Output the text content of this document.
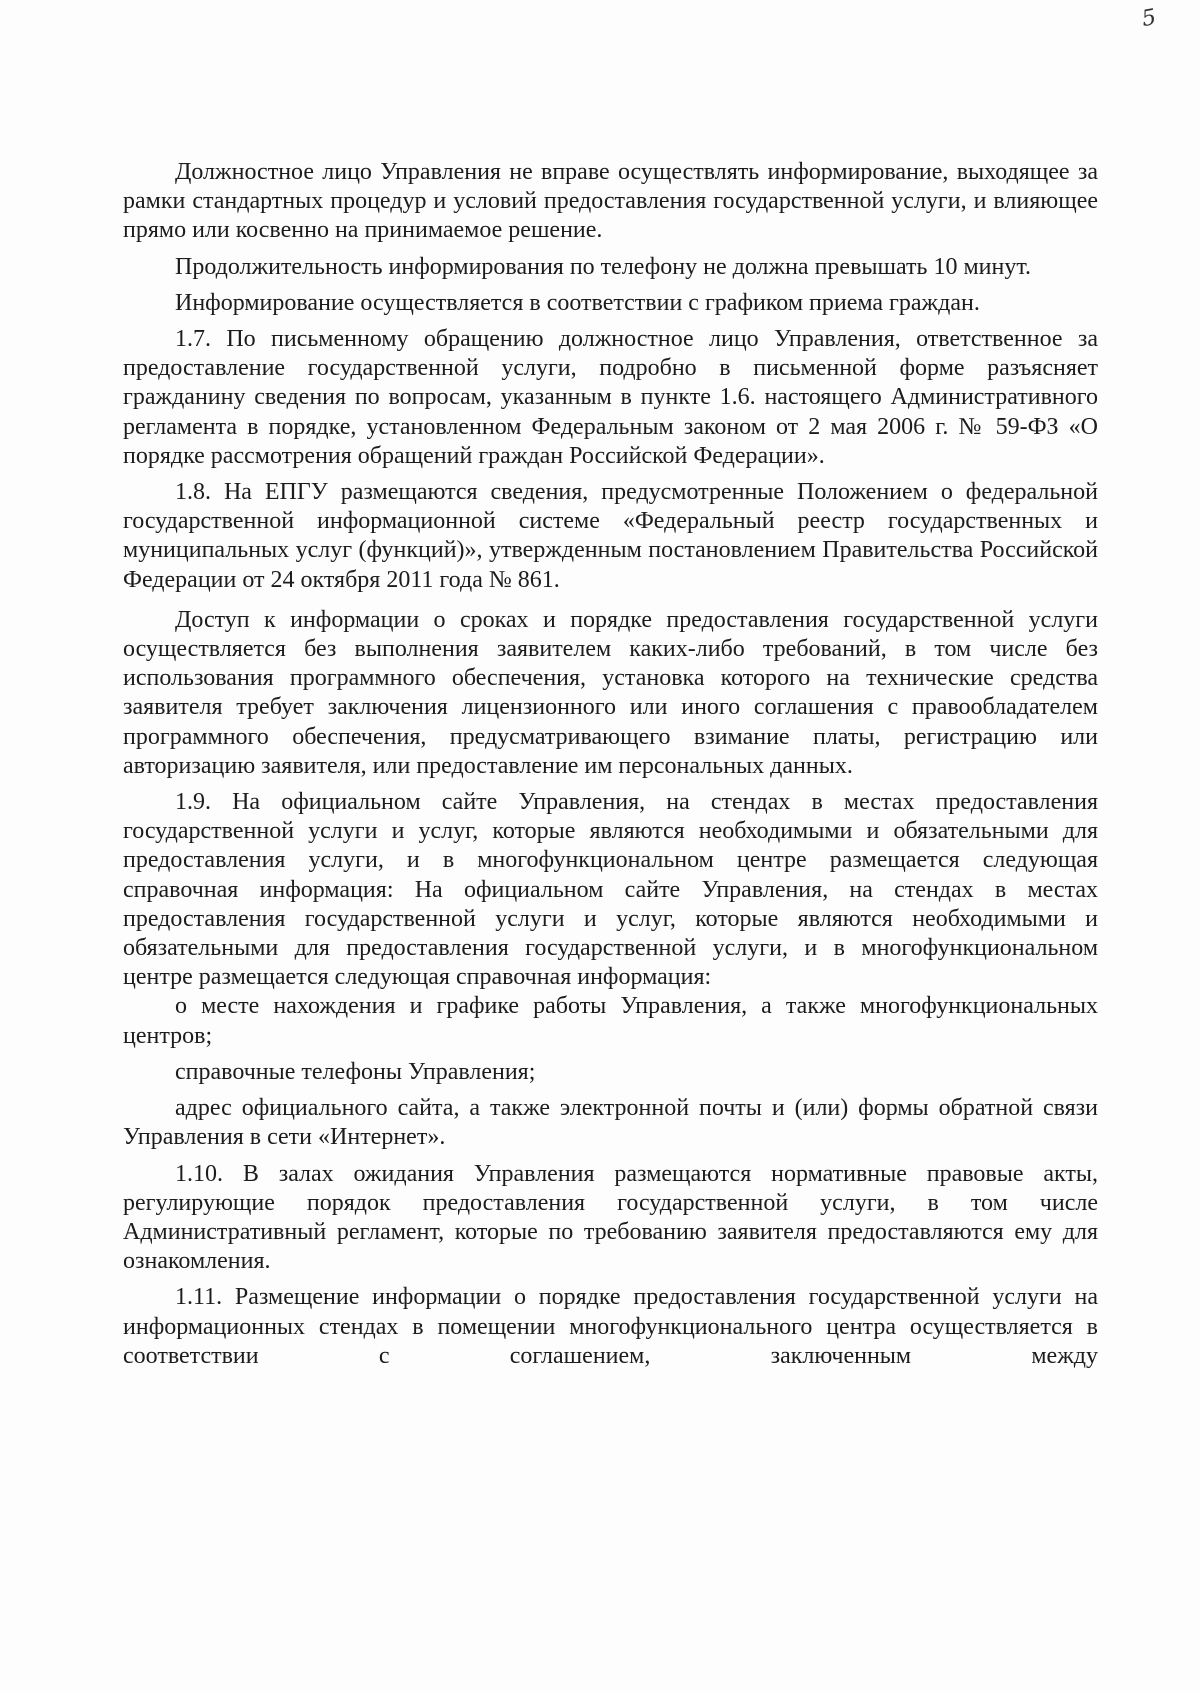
5

Должностное лицо Управления не вправе осуществлять информирование, выходящее за рамки стандартных процедур и условий предоставления государственной услуги, и влияющее прямо или косвенно на принимаемое решение.

Продолжительность информирования по телефону не должна превышать 10 минут.

Информирование осуществляется в соответствии с графиком приема граждан.

1.7. По письменному обращению должностное лицо Управления, ответственное за предоставление государственной услуги, подробно в письменной форме разъясняет гражданину сведения по вопросам, указанным в пункте 1.6. настоящего Административного регламента в порядке, установленном Федеральным законом от 2 мая 2006 г. № 59-ФЗ «О порядке рассмотрения обращений граждан Российской Федерации».

1.8. На ЕПГУ размещаются сведения, предусмотренные Положением о федеральной государственной информационной системе «Федеральный реестр государственных и муниципальных услуг (функций)», утвержденным постановлением Правительства Российской Федерации от 24 октября 2011 года № 861.

Доступ к информации о сроках и порядке предоставления государственной услуги осуществляется без выполнения заявителем каких-либо требований, в том числе без использования программного обеспечения, установка которого на технические средства заявителя требует заключения лицензионного или иного соглашения с правообладателем программного обеспечения, предусматривающего взимание платы, регистрацию или авторизацию заявителя, или предоставление им персональных данных.

1.9. На официальном сайте Управления, на стендах в местах предоставления государственной услуги и услуг, которые являются необходимыми и обязательными для предоставления услуги, и в многофункциональном центре размещается следующая справочная информация: На официальном сайте Управления, на стендах в местах предоставления государственной услуги и услуг, которые являются необходимыми и обязательными для предоставления государственной услуги, и в многофункциональном центре размещается следующая справочная информация:

о месте нахождения и графике работы Управления, а также многофункциональных центров;

справочные телефоны Управления;

адрес официального сайта, а также электронной почты и (или) формы обратной связи Управления в сети «Интернет».

1.10. В залах ожидания Управления размещаются нормативные правовые акты, регулирующие порядок предоставления государственной услуги, в том числе Административный регламент, которые по требованию заявителя предоставляются ему для ознакомления.

1.11. Размещение информации о порядке предоставления государственной услуги на информационных стендах в помещении многофункционального центра осуществляется в соответствии с соглашением, заключенным между
